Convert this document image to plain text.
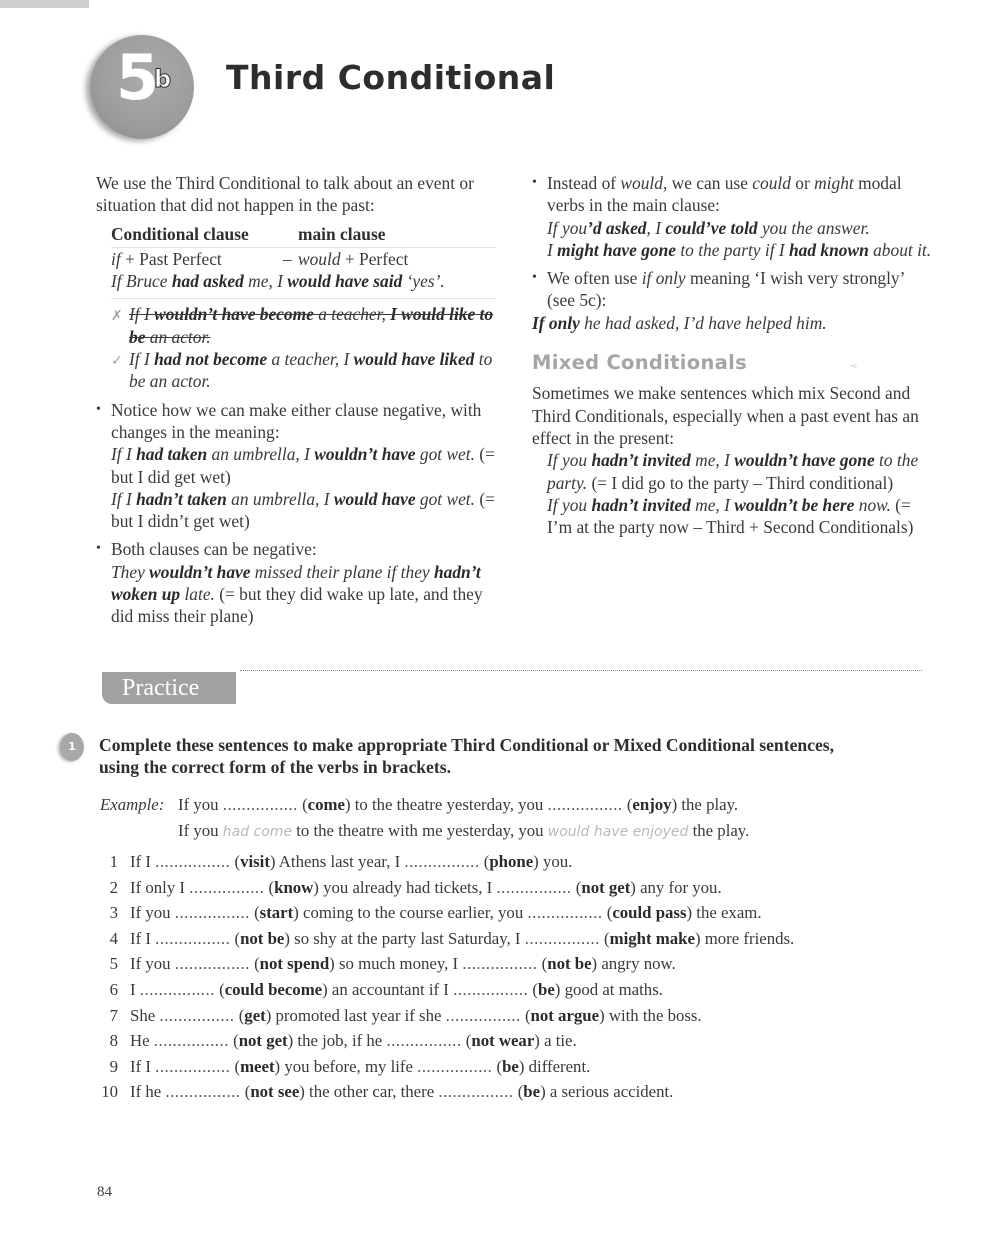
5
b Third Conditional

We use the Third Conditional to talk about an event or situation that did not happen in the past:

Conditional clause	main clause
if + Past Perfect	– would + Perfect
If Bruce had asked me, I would have said ‘yes’.
✗ If I wouldn’t have become a teacher, I would like to be an actor.
✓ If I had not become a teacher, I would have liked to be an actor.
• Notice how we can make either clause negative, with changes in the meaning:

If I had taken an umbrella, I wouldn’t have got wet. (= but I did get wet)

If I hadn’t taken an umbrella, I would have got wet. (= but I didn’t get wet)

• Both clauses can be negative:

They wouldn’t have missed their plane if they hadn’t woken up late. (= but they did wake up late, and they did miss their plane)

• Instead of would, we can use could or might modal verbs in the main clause:

If you’d asked, I could’ve told you the answer.

I might have gone to the party if I had known about it.

• We often use if only meaning ‘I wish very strongly’ (see 5c):

If only he had asked, I’d have helped him.

Mixed Conditionals	➾

Sometimes we make sentences which mix Second and Third Conditionals, especially when a past event has an effect in the present:

If you hadn’t invited me, I wouldn’t have gone to the party. (= I did go to the party – Third conditional)

If you hadn’t invited me, I wouldn’t be here now. (= I’m at the party now – Third + Second Conditionals)

Practice
1	Complete these sentences to make appropriate Third Conditional or Mixed Conditional sentences, using the correct form of the verbs in brackets.
Example: If you ................ (come) to the theatre yesterday, you ................ (enjoy) the play.
If you had come to the theatre with me yesterday, you would have enjoyed the play.
1 If I ................ (visit) Athens last year, I ................ (phone) you.
2 If only I ................ (know) you already had tickets, I ................ (not get) any for you.
3 If you ................ (start) coming to the course earlier, you ................ (could pass) the exam.
4 If I ................ (not be) so shy at the party last Saturday, I ................ (might make) more friends.
5 If you ................ (not spend) so much money, I ................ (not be) angry now.
6 I ................ (could become) an accountant if I ................ (be) good at maths.
7 She ................ (get) promoted last year if she ................ (not argue) with the boss.
8 He ................ (not get) the job, if he ................ (not wear) a tie.
9 If I ................ (meet) you before, my life ................ (be) different.
10 If he ................ (not see) the other car, there ................ (be) a serious accident.
84
